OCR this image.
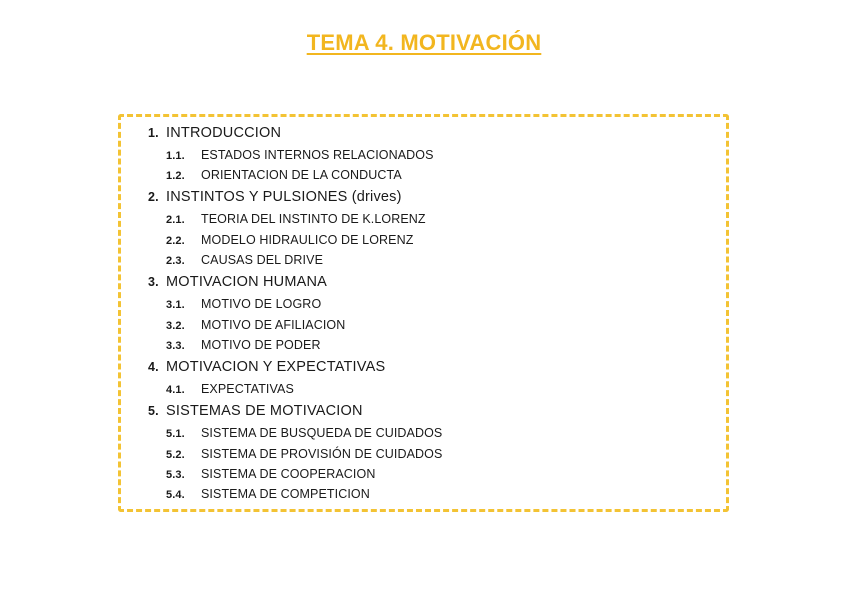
TEMA 4. MOTIVACIÓN
1. INTRODUCCION
1.1. ESTADOS INTERNOS RELACIONADOS
1.2. ORIENTACION DE LA CONDUCTA
2. INSTINTOS Y PULSIONES (drives)
2.1. TEORIA DEL INSTINTO DE K.LORENZ
2.2. MODELO HIDRAULICO DE LORENZ
2.3. CAUSAS DEL DRIVE
3. MOTIVACION HUMANA
3.1. MOTIVO DE LOGRO
3.2. MOTIVO DE AFILIACION
3.3. MOTIVO DE PODER
4. MOTIVACION Y EXPECTATIVAS
4.1. EXPECTATIVAS
5. SISTEMAS DE MOTIVACION
5.1. SISTEMA DE BUSQUEDA DE CUIDADOS
5.2. SISTEMA DE PROVISIÓN DE CUIDADOS
5.3. SISTEMA DE COOPERACION
5.4. SISTEMA DE COMPETICION
